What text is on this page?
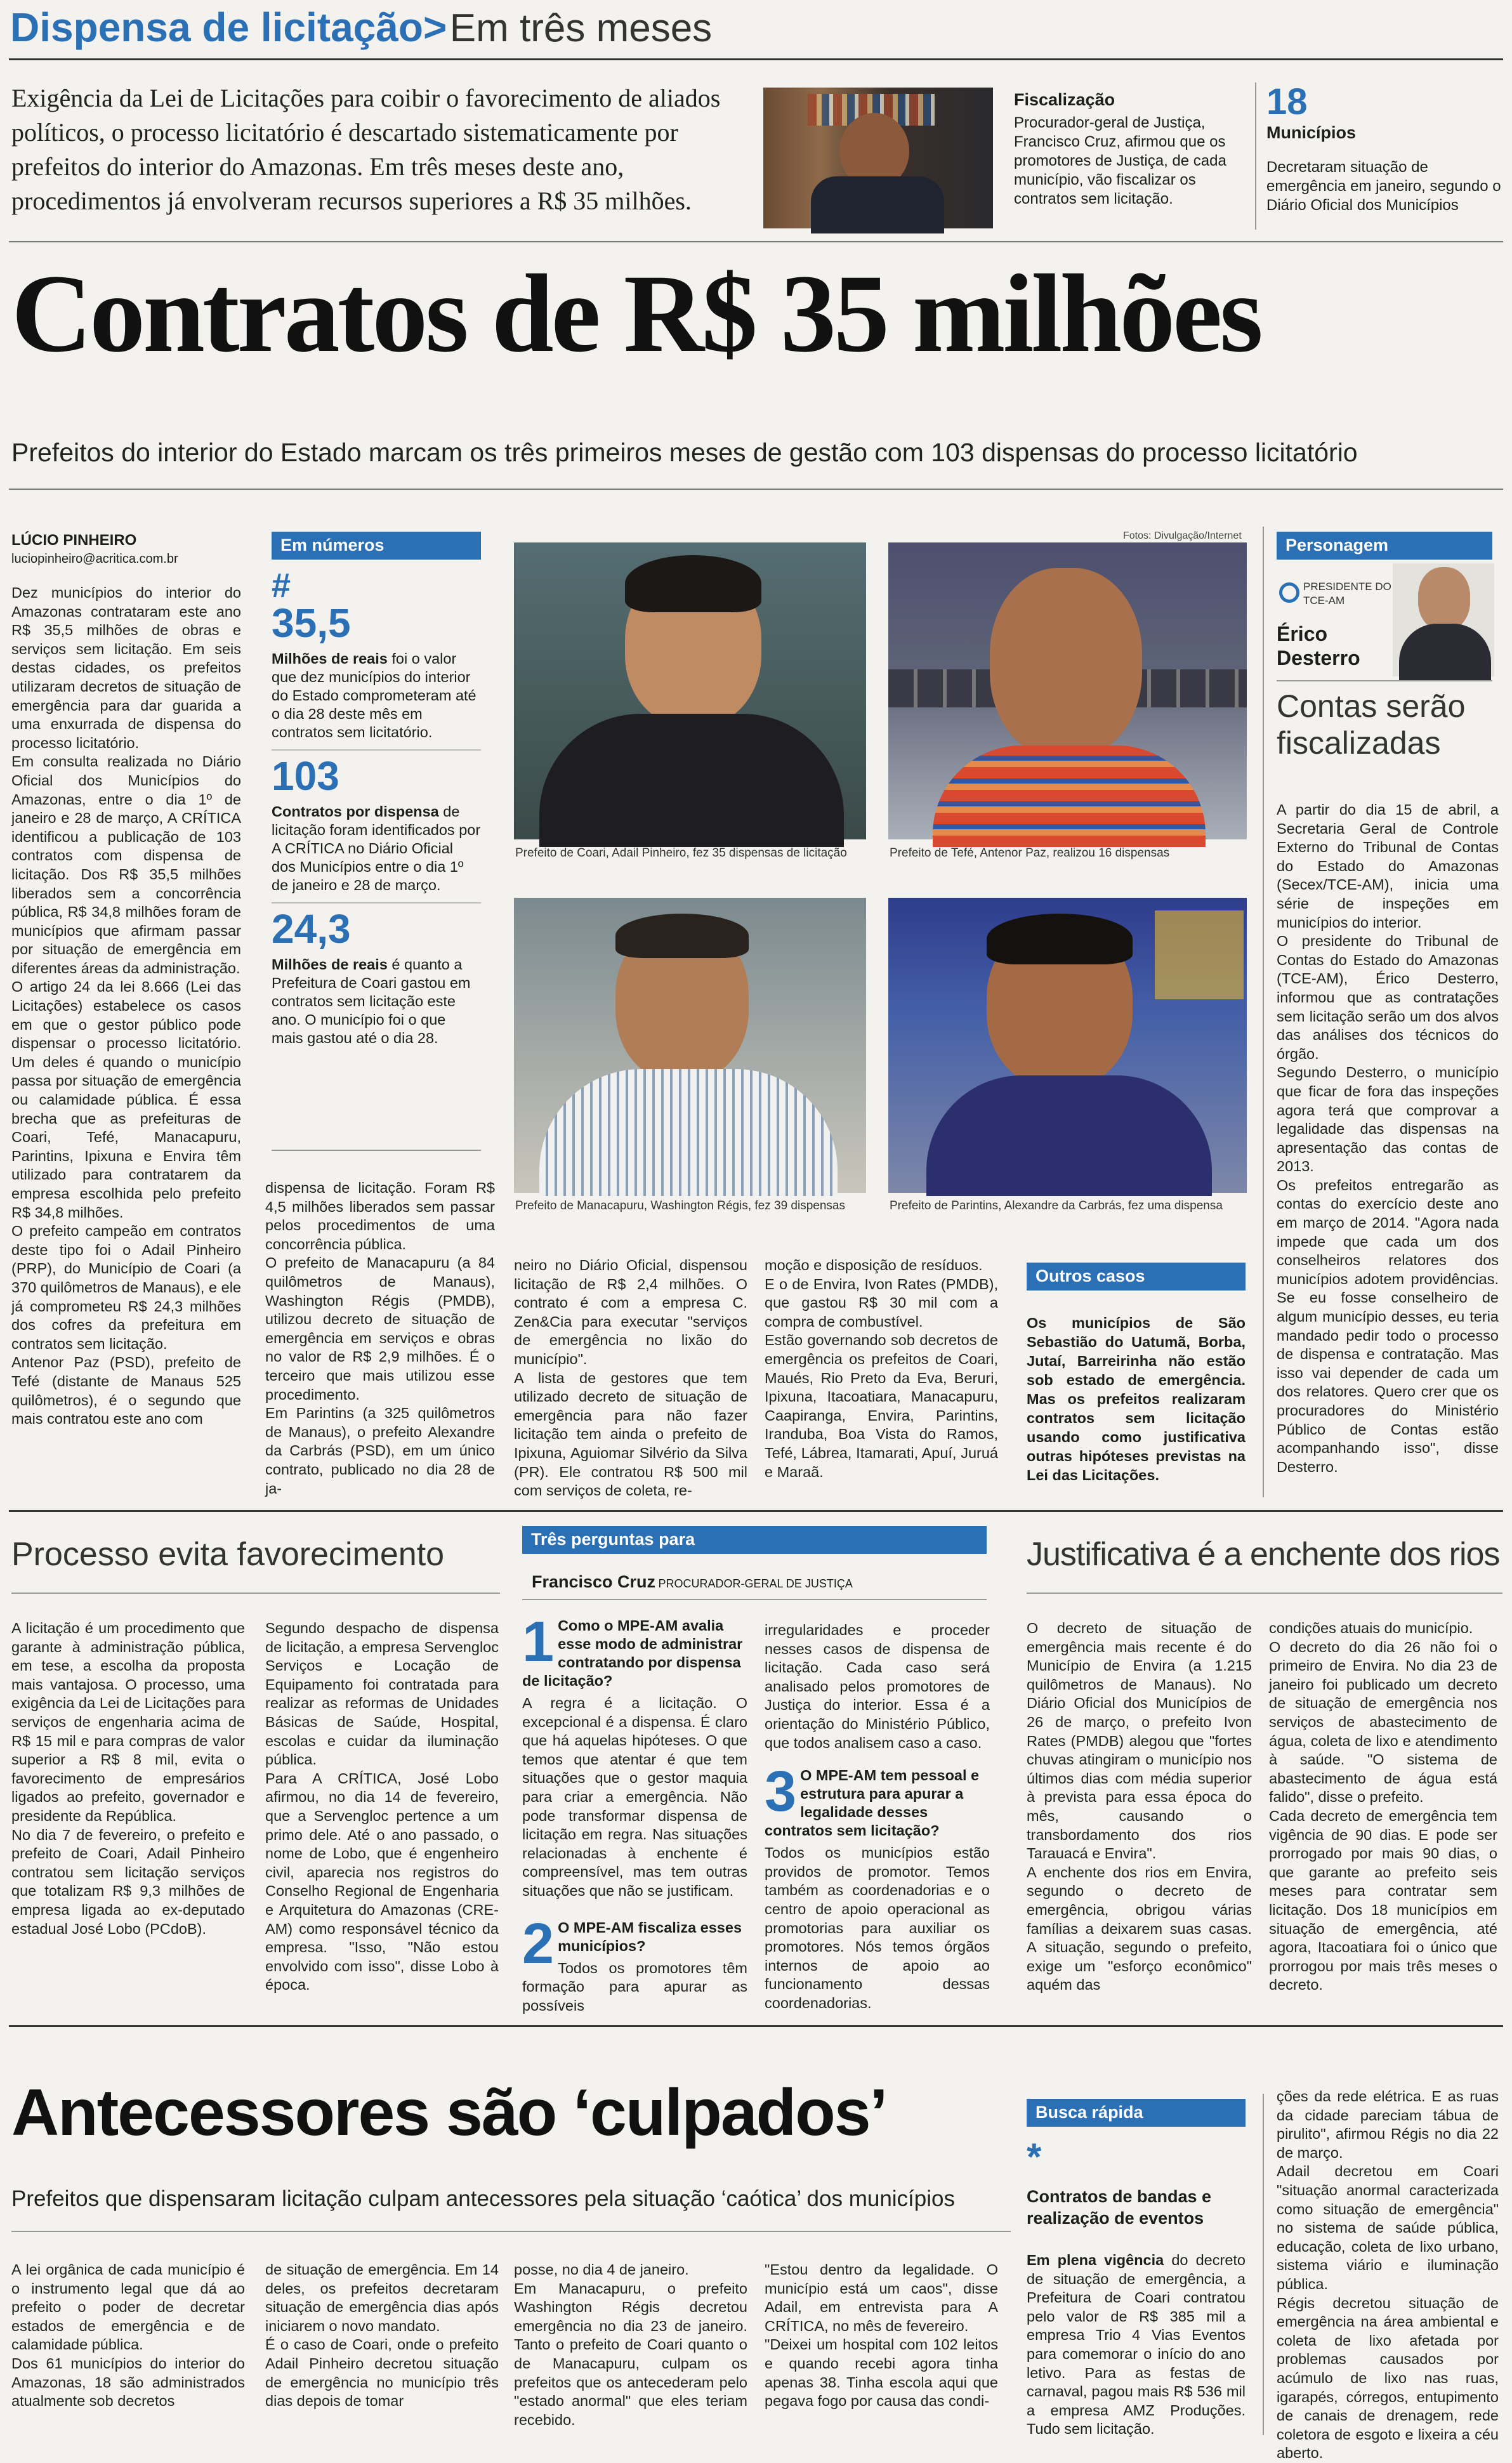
Dispensa de licitação> Em três meses
Exigência da Lei de Licitações para coibir o favorecimento de aliados políticos, o processo licitatório é descartado sistematicamente por prefeitos do interior do Amazonas. Em três meses deste ano, procedimentos já envolveram recursos superiores a R$ 35 milhões.
Fiscalização
Procurador-geral de Justiça, Francisco Cruz, afirmou que os promotores de Justiça, de cada município, vão fiscalizar os contratos sem licitação.
18
Municípios
Decretaram situação de emergência em janeiro, segundo o Diário Oficial dos Municípios
Contratos de R$ 35 milhões
Prefeitos do interior do Estado marcam os três primeiros meses de gestão com 103 dispensas do processo licitatório
LÚCIO PINHEIRO
luciopinheiro@acritica.com.br
Dez municípios do interior do Amazonas contrataram este ano R$ 35,5 milhões de obras e serviços sem licitação. Em seis destas cidades, os prefeitos utilizaram decretos de situação de emergência para dar guarida a uma enxurrada de dispensa do processo licitatório.
Em consulta realizada no Diário Oficial dos Municípios do Amazonas, entre o dia 1º de janeiro e 28 de março, A CRÍTICA identificou a publicação de 103 contratos com dispensa de licitação. Dos R$ 35,5 milhões liberados sem a concorrência pública, R$ 34,8 milhões foram de municípios que afirmam passar por situação de emergência em diferentes áreas da administração.
O artigo 24 da lei 8.666 (Lei das Licitações) estabelece os casos em que o gestor público pode dispensar o processo licitatório. Um deles é quando o município passa por situação de emergência ou calamidade pública. É essa brecha que as prefeituras de Coari, Tefé, Manacapuru, Parintins, Ipixuna e Envira têm utilizado para contratarem da empresa escolhida pelo prefeito R$ 34,8 milhões.
O prefeito campeão em contratos deste tipo foi o Adail Pinheiro (PRP), do Município de Coari (a 370 quilômetros de Manaus), e ele já comprometeu R$ 24,3 milhões dos cofres da prefeitura em contratos sem licitação.
Antenor Paz (PSD), prefeito de Tefé (distante de Manaus 525 quilômetros), é o segundo que mais contratou este ano com
Em números
#
35,5
Milhões de reais foi o valor que dez municípios do interior do Estado comprometeram até o dia 28 deste mês em contratos sem licitatório.
103
Contratos por dispensa de licitação foram identificados por A CRÍTICA no Diário Oficial dos Municípios entre o dia 1º de janeiro e 28 de março.
24,3
Milhões de reais é quanto a Prefeitura de Coari gastou em contratos sem licitação este ano. O município foi o que mais gastou até o dia 28.
dispensa de licitação. Foram R$ 4,5 milhões liberados sem passar pelos procedimentos de uma concorrência pública.
O prefeito de Manacapuru (a 84 quilômetros de Manaus), Washington Régis (PMDB), utilizou decreto de situação de emergência em serviços e obras no valor de R$ 2,9 milhões. É o terceiro que mais utilizou esse procedimento.
Em Parintins (a 325 quilômetros de Manaus), o prefeito Alexandre da Carbrás (PSD), em um único contrato, publicado no dia 28 de ja-
Fotos: Divulgação/Internet
Prefeito de Coari, Adail Pinheiro, fez 35 dispensas de licitação	Prefeito de Tefé, Antenor Paz, realizou 16 dispensas
Prefeito de Manacapuru, Washington Régis, fez 39 dispensas	Prefeito de Parintins, Alexandre da Carbrás, fez uma dispensa
neiro no Diário Oficial, dispensou licitação de R$ 2,4 milhões. O contrato é com a empresa C. Zen&Cia para executar "serviços de emergência no lixão do município".
A lista de gestores que tem utilizado decreto de situação de emergência para não fazer licitação tem ainda o prefeito de Ipixuna, Aguiomar Silvério da Silva (PR). Ele contratou R$ 500 mil com serviços de coleta, re-
moção e disposição de resíduos.
E o de Envira, Ivon Rates (PMDB), que gastou R$ 30 mil com a compra de combustível.
Estão governando sob decretos de emergência os prefeitos de Coari, Maués, Rio Preto da Eva, Beruri, Ipixuna, Itacoatiara, Manacapuru, Caapiranga, Envira, Parintins, Iranduba, Boa Vista do Ramos, Tefé, Lábrea, Itamarati, Apuí, Juruá e Maraã.
Outros casos
Os municípios de São Sebastião do Uatumã, Borba, Jutaí, Barreirinha não estão sob estado de emergência. Mas os prefeitos realizaram contratos sem licitação usando como justificativa outras hipóteses previstas na Lei das Licitações.
Personagem
PRESIDENTE DO TCE-AM
Érico Desterro
Contas serão fiscalizadas
A partir do dia 15 de abril, a Secretaria Geral de Controle Externo do Tribunal de Contas do Estado do Amazonas (Secex/TCE-AM), inicia uma série de inspeções em municípios do interior.
O presidente do Tribunal de Contas do Estado do Amazonas (TCE-AM), Érico Desterro, informou que as contratações sem licitação serão um dos alvos das análises dos técnicos do órgão.
Segundo Desterro, o município que ficar de fora das inspeções agora terá que comprovar a legalidade das dispensas na apresentação das contas de 2013.
Os prefeitos entregarão as contas do exercício deste ano em março de 2014. "Agora nada impede que cada um dos conselheiros relatores dos municípios adotem providências. Se eu fosse conselheiro de algum município desses, eu teria mandado pedir todo o processo de dispensa e contratação. Mas isso vai depender de cada um dos relatores. Quero crer que os procuradores do Ministério Público de Contas estão acompanhando isso", disse Desterro.
Processo evita favorecimento
A licitação é um procedimento que garante à administração pública, em tese, a escolha da proposta mais vantajosa. O processo, uma exigência da Lei de Licitações para serviços de engenharia acima de R$ 15 mil e para compras de valor superior a R$ 8 mil, evita o favorecimento de empresários ligados ao prefeito, governador e presidente da República.
No dia 7 de fevereiro, o prefeito e prefeito de Coari, Adail Pinheiro contratou sem licitação serviços que totalizam R$ 9,3 milhões de empresa ligada ao ex-deputado estadual José Lobo (PCdoB).
Segundo despacho de dispensa de licitação, a empresa Servengloc Serviços e Locação de Equipamento foi contratada para realizar as reformas de Unidades Básicas de Saúde, Hospital, escolas e cuidar da iluminação pública.
Para A CRÍTICA, José Lobo afirmou, no dia 14 de fevereiro, que a Servengloc pertence a um primo dele. Até o ano passado, o nome de Lobo, que é engenheiro civil, aparecia nos registros do Conselho Regional de Engenharia e Arquitetura do Amazonas (CRE-AM) como responsável técnico da empresa. "Isso, "Não estou envolvido com isso", disse Lobo à época.
Três perguntas para
Francisco Cruz PROCURADOR-GERAL DE JUSTIÇA
1 Como o MPE-AM avalia esse modo de administrar contratando por dispensa de licitação?
A regra é a licitação. O excepcional é a dispensa. É claro que há aquelas hipóteses. O que temos que atentar é que tem situações que o gestor maquia para criar a emergência. Não pode transformar dispensa de licitação em regra. Nas situações relacionadas à enchente é compreensível, mas tem outras situações que não se justificam.
2 O MPE-AM fiscaliza esses municípios?
Todos os promotores têm formação para apurar as possíveis
irregularidades e proceder nesses casos de dispensa de licitação. Cada caso será analisado pelos promotores de Justiça do interior. Essa é a orientação do Ministério Público, que todos analisem caso a caso.
3 O MPE-AM tem pessoal e estrutura para apurar a legalidade desses contratos sem licitação?
Todos os municípios estão providos de promotor. Temos também as coordenadorias e o centro de apoio operacional as promotorias para auxiliar os promotores. Nós temos órgãos internos de apoio ao funcionamento dessas coordenadorias.
Justificativa é a enchente dos rios
O decreto de situação de emergência mais recente é do Município de Envira (a 1.215 quilômetros de Manaus). No Diário Oficial dos Municípios de 26 de março, o prefeito Ivon Rates (PMDB) alegou que "fortes chuvas atingiram o município nos últimos dias com média superior à prevista para essa época do mês, causando o transbordamento dos rios Tarauacá e Envira".
A enchente dos rios em Envira, segundo o decreto de emergência, obrigou várias famílias a deixarem suas casas. A situação, segundo o prefeito, exige um "esforço econômico" aquém das
condições atuais do município.
O decreto do dia 26 não foi o primeiro de Envira. No dia 23 de janeiro foi publicado um decreto de situação de emergência nos serviços de abastecimento de água, coleta de lixo e atendimento à saúde. "O sistema de abastecimento de água está falido", disse o prefeito.
Cada decreto de emergência tem vigência de 90 dias. E pode ser prorrogado por mais 90 dias, o que garante ao prefeito seis meses para contratar sem licitação. Dos 18 municípios em situação de emergência, até agora, Itacoatiara foi o único que prorrogou por mais três meses o decreto.
Antecessores são ‘culpados’
Prefeitos que dispensaram licitação culpam antecessores pela situação ‘caótica’ dos municípios
A lei orgânica de cada município é o instrumento legal que dá ao prefeito o poder de decretar estados de emergência e de calamidade pública.
Dos 61 municípios do interior do Amazonas, 18 são administrados atualmente sob decretos
de situação de emergência. Em 14 deles, os prefeitos decretaram situação de emergência dias após iniciarem o novo mandato.
É o caso de Coari, onde o prefeito Adail Pinheiro decretou situação de emergência no município três dias depois de tomar
posse, no dia 4 de janeiro.
Em Manacapuru, o prefeito Washington Régis decretou emergência no dia 23 de janeiro. Tanto o prefeito de Coari quanto o de Manacapuru, culpam os prefeitos que os antecederam pelo "estado anormal" que eles teriam recebido.
"Estou dentro da legalidade. O município está um caos", disse Adail, em entrevista para A CRÍTICA, no mês de fevereiro.
"Deixei um hospital com 102 leitos e quando recebi agora tinha apenas 38. Tinha escola aqui que pegava fogo por causa das condi-
Busca rápida
*
Contratos de bandas e realização de eventos
Em plena vigência do decreto de situação de emergência, a Prefeitura de Coari contratou pelo valor de R$ 385 mil a empresa Trio 4 Vias Eventos para comemorar o início do ano letivo. Para as festas de carnaval, pagou mais R$ 536 mil a empresa AMZ Produções. Tudo sem licitação.
ções da rede elétrica. E as ruas da cidade pareciam tábua de pirulito", afirmou Régis no dia 22 de março.
Adail decretou em Coari "situação anormal caracterizada como situação de emergência" no sistema de saúde pública, educação, coleta de lixo urbano, sistema viário e iluminação pública.
Régis decretou situação de emergência na área ambiental e coleta de lixo afetada por problemas causados por acúmulo de lixo nas ruas, igarapés, córregos, entupimento de canais de drenagem, rede coletora de esgoto e lixeira a céu aberto.
